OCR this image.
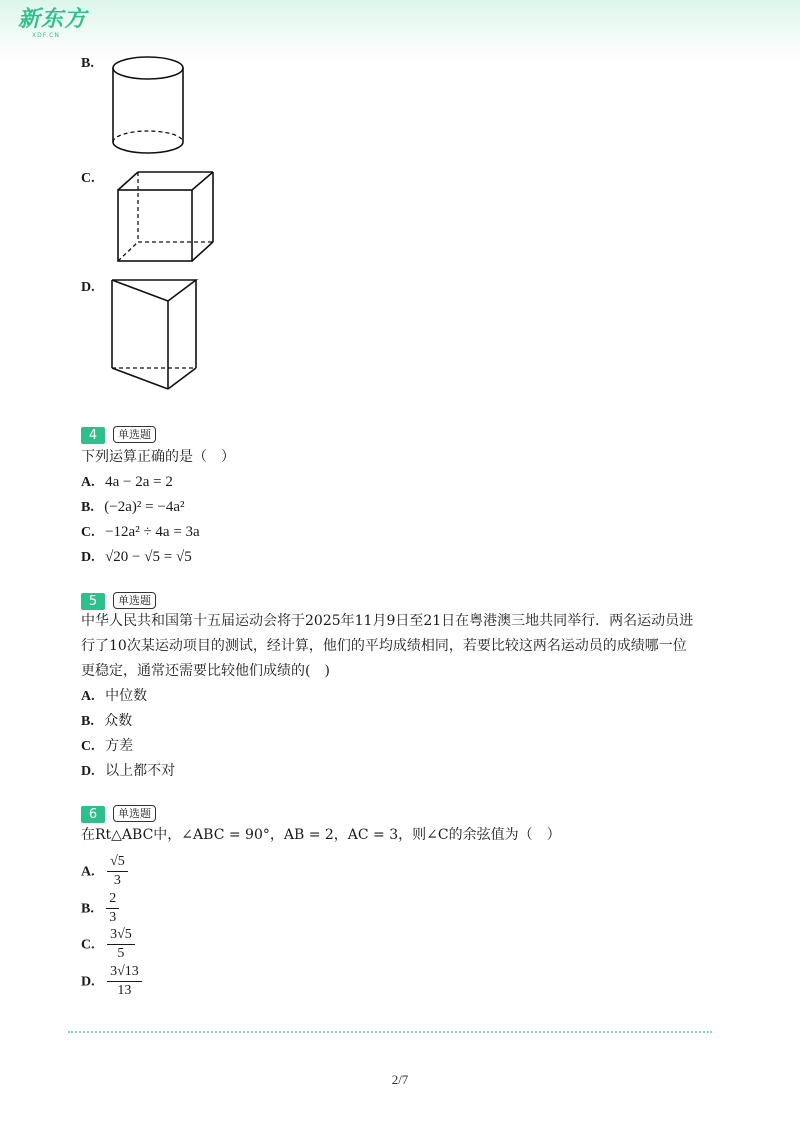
新东方
XDF.CN
B.
C.
D.
4	单选题
下列运算正确的是（　）
A. 4a − 2a = 2
B. (−2a)² = −4a²
C. −12a² ÷ 4a = 3a
D. √20 − √5 = √5
5	单选题
中华人民共和国第十五届运动会将于2025年11月9日至21日在粤港澳三地共同举行．两名运动员进
行了10次某运动项目的测试，经计算，他们的平均成绩相同，若要比较这两名运动员的成绩哪一位
更稳定，通常还需要比较他们成绩的(　)
A. 中位数
B. 众数
C. 方差
D. 以上都不对
6	单选题
在Rt△ABC中，∠ABC = 90°，AB = 2，AC = 3，则∠C的余弦值为（　）
A. $\frac{√5}{3}$
B. $\frac{2}{3}$
C. $\frac{3√5}{5}$
D. $\frac{3√13}{13}$
2/7
